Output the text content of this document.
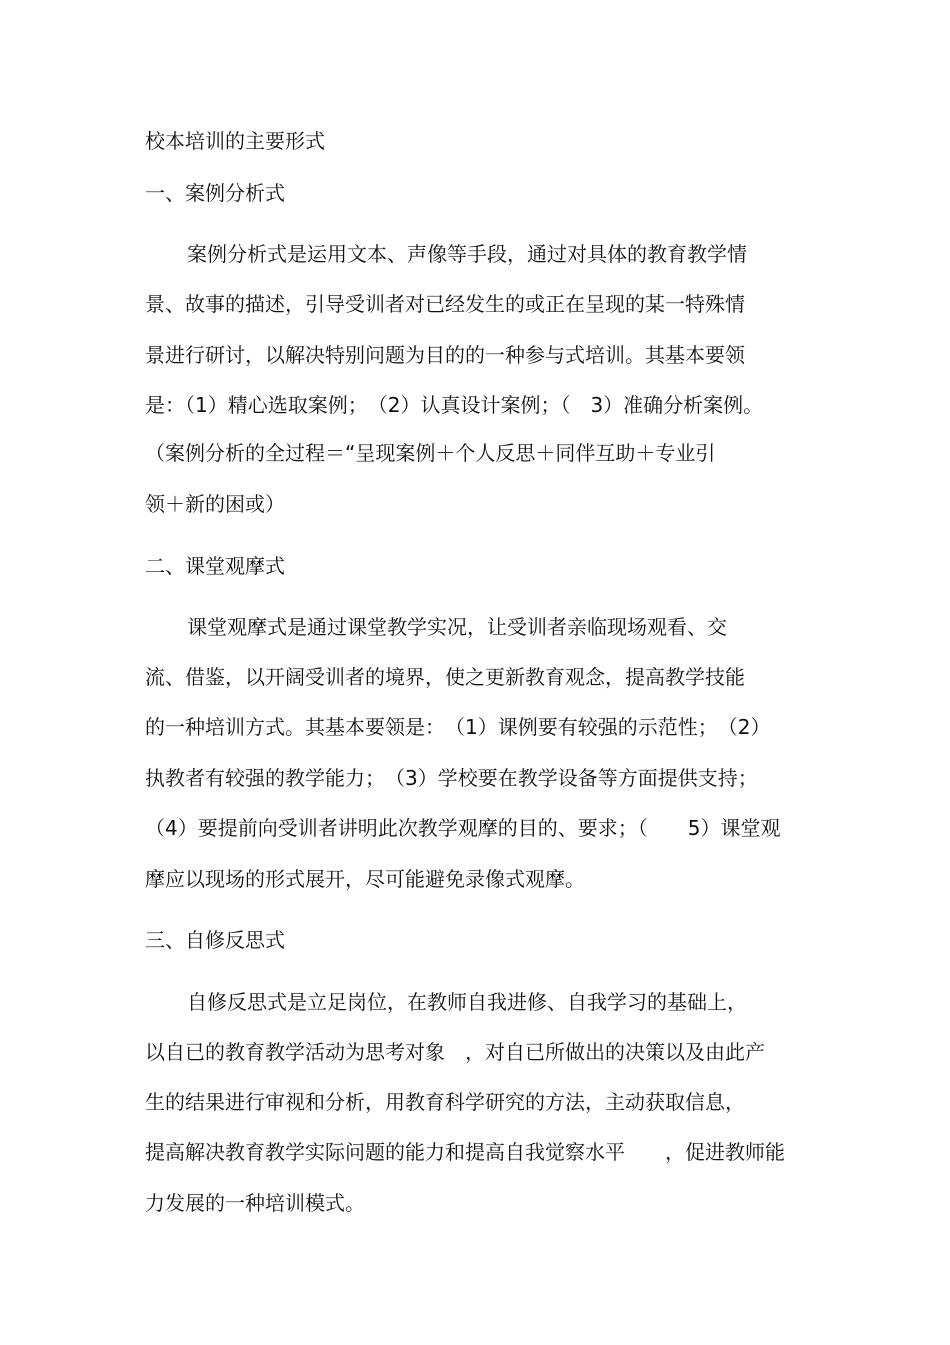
校本培训的主要形式

一、案例分析式

案例分析式是运用文本、声像等手段，通过对具体的教育教学情

景、故事的描述，引导受训者对已经发生的或正在呈现的某一特殊情

景进行研讨，以解决特别问题为目的的一种参与式培训。其基本要领

是：（1）精心选取案例；　（2）认真设计案例；（　3）准确分析案例。

（案例分析的全过程＝“呈现案例＋个人反思＋同伴互助＋专业引

领＋新的困或）

二、课堂观摩式

课堂观摩式是通过课堂教学实况，让受训者亲临现场观看、交

流、借鉴，以开阔受训者的境界，使之更新教育观念，提高教学技能

的一种培训方式。其基本要领是：　（1）课例要有较强的示范性；　（2）

执教者有较强的教学能力；　（3）学校要在教学设备等方面提供支持；

（4）要提前向受训者讲明此次教学观摩的目的、要求；（　　5）课堂观

摩应以现场的形式展开，尽可能避免录像式观摩。

三、自修反思式

自修反思式是立足岗位，在教师自我进修、自我学习的基础上，

以自已的教育教学活动为思考对象　，对自已所做出的决策以及由此产

生的结果进行审视和分析，用教育科学研究的方法，主动获取信息，

提高解决教育教学实际问题的能力和提高自我觉察水平　　，促进教师能

力发展的一种培训模式。
